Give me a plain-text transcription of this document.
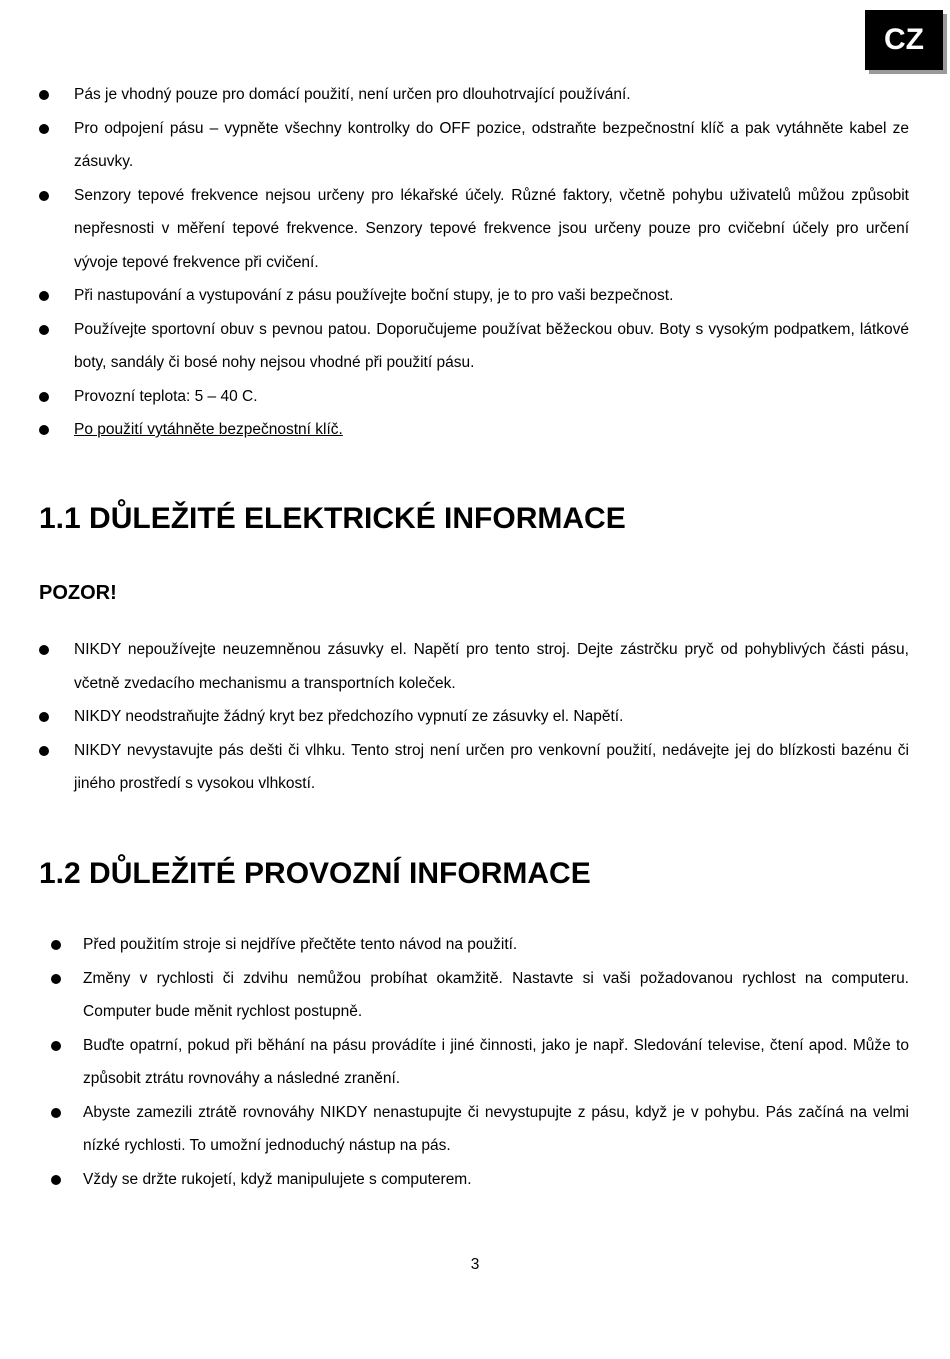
CZ
Pás je vhodný pouze pro domácí použití, není určen pro dlouhotrvající používání.
Pro odpojení pásu – vypněte všechny kontrolky do OFF pozice, odstraňte bezpečnostní klíč a pak vytáhněte kabel ze zásuvky.
Senzory tepové frekvence nejsou určeny pro lékařské účely. Různé faktory, včetně pohybu uživatelů můžou způsobit nepřesnosti v měření tepové frekvence. Senzory tepové frekvence jsou určeny pouze pro cvičební účely pro určení vývoje tepové frekvence při cvičení.
Při nastupování a vystupování z pásu používejte boční stupy, je to pro vaši bezpečnost.
Používejte sportovní obuv s pevnou patou. Doporučujeme používat běžeckou obuv. Boty s vysokým podpatkem, látkové boty, sandály či bosé nohy nejsou vhodné při použití pásu.
Provozní teplota: 5 – 40 C.
Po použití vytáhněte bezpečnostní klíč.
1.1 DŮLEŽITÉ ELEKTRICKÉ INFORMACE

POZOR!

NIKDY nepoužívejte neuzemněnou zásuvky el. Napětí pro tento stroj. Dejte zástrčku pryč od pohyblivých části pásu, včetně zvedacího mechanismu a transportních koleček.
NIKDY neodstraňujte žádný kryt bez předchozího vypnutí ze zásuvky el. Napětí.
NIKDY nevystavujte pás dešti či vlhku. Tento stroj není určen pro venkovní použití, nedávejte jej do blízkosti bazénu či jiného prostředí s vysokou vlhkostí.
1.2 DŮLEŽITÉ PROVOZNÍ INFORMACE
Před použitím stroje si nejdříve přečtěte tento návod na použití.
Změny v rychlosti či zdvihu nemůžou probíhat okamžitě. Nastavte si vaši požadovanou rychlost na computeru. Computer bude měnit rychlost postupně.
Buďte opatrní, pokud při běhání na pásu provádíte i jiné činnosti, jako je např. Sledování televise, čtení apod. Může to způsobit ztrátu rovnováhy a následné zranění.
Abyste zamezili ztrátě rovnováhy NIKDY nenastupujte či nevystupujte z pásu, když je v pohybu. Pás začíná na velmi nízké rychlosti. To umožní jednoduchý nástup na pás.
Vždy se držte rukojetí, když manipulujete s computerem.
3
